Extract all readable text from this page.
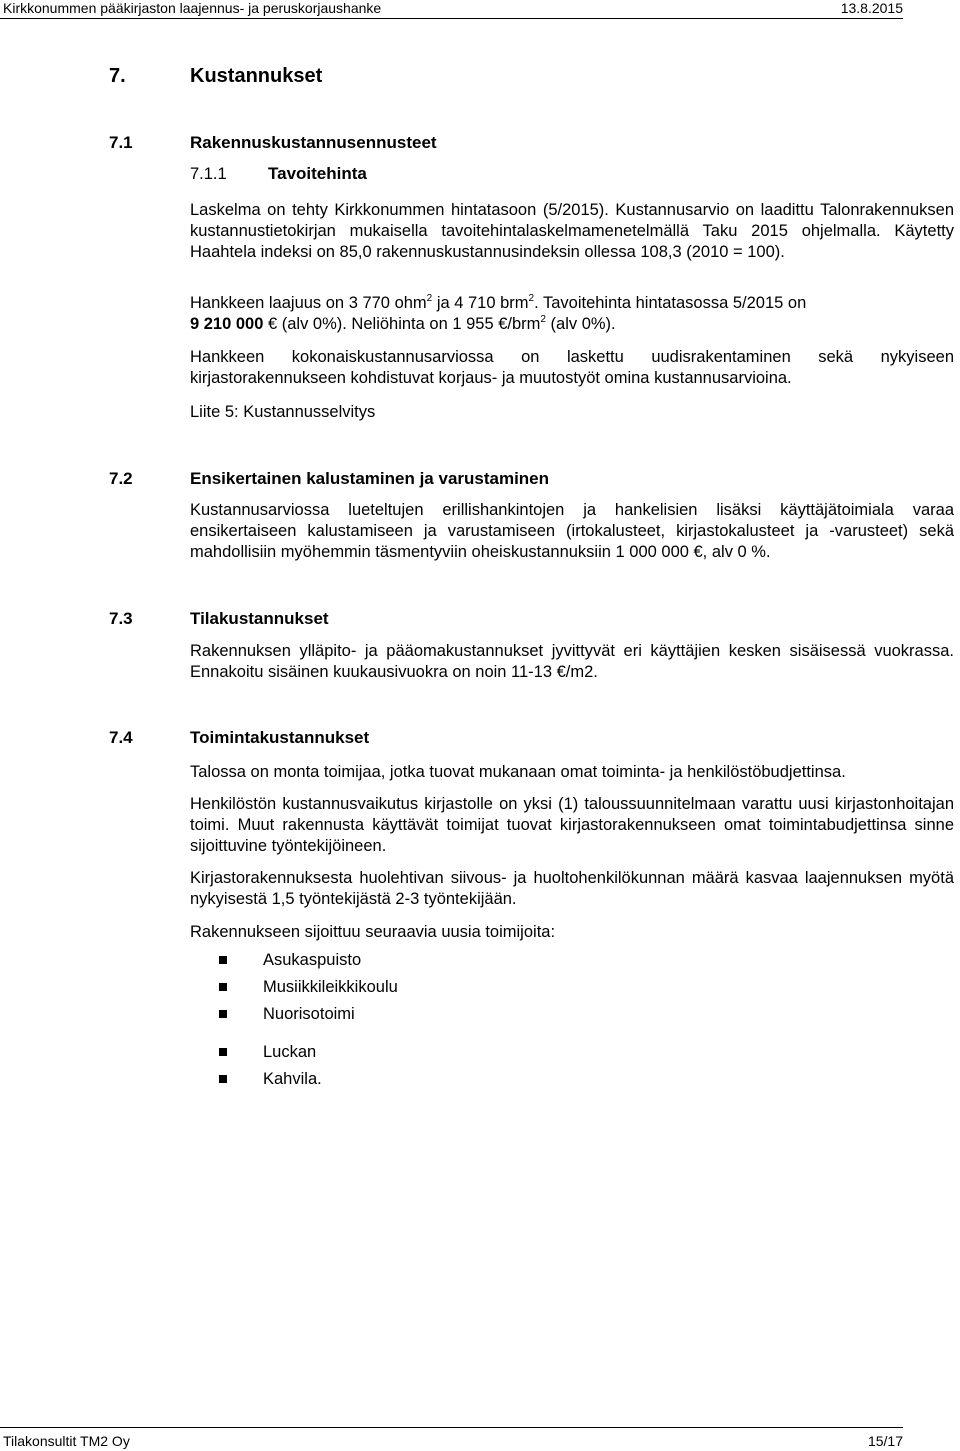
Kirkkonummen pääkirjaston laajennus- ja peruskorjaushanke	13.8.2015
7.	Kustannukset
7.1	Rakennuskustannusennusteet
7.1.1 Tavoitehinta

Laskelma on tehty Kirkkonummen hintatasoon (5/2015). Kustannusarvio on laadittu Talonrakennuksen kustannustietokirjan mukaisella tavoitehintalaskelmamenetelmällä Taku 2015 ohjelmalla. Käytetty Haahtela indeksi on 85,0 rakennuskustannusindeksin ollessa 108,3 (2010 = 100).

Hankkeen laajuus on 3 770 ohm$^2$ ja 4 710 brm$^2$. Tavoitehinta hintatasossa 5/2015 on
9 210 000 € (alv 0%). Neliöhinta on 1 955 €/brm$^2$ (alv 0%).

Hankkeen kokonaiskustannusarviossa on laskettu uudisrakentaminen sekä nykyiseen kirjastorakennukseen kohdistuvat korjaus- ja muutostyöt omina kustannusarvioina.

Liite 5: Kustannusselvitys
7.2	Ensikertainen kalustaminen ja varustaminen

Kustannusarviossa lueteltujen erillishankintojen ja hankelisien lisäksi käyttäjätoimiala varaa ensikertaiseen kalustamiseen ja varustamiseen (irtokalusteet, kirjastokalusteet ja -varusteet) sekä mahdollisiin myöhemmin täsmentyviin oheiskustannuksiin 1 000 000 €, alv 0 %.

7.3	Tilakustannukset

Rakennuksen ylläpito- ja pääomakustannukset jyvittyvät eri käyttäjien kesken sisäisessä vuokrassa. Ennakoitu sisäinen kuukausivuokra on noin 11-13 €/m2.

7.4	Toimintakustannukset

Talossa on monta toimijaa, jotka tuovat mukanaan omat toiminta- ja henkilöstöbudjettinsa.

Henkilöstön kustannusvaikutus kirjastolle on yksi (1) taloussuunnitelmaan varattu uusi kirjastonhoitajan toimi. Muut rakennusta käyttävät toimijat tuovat kirjastorakennukseen omat toimintabudjettinsa sinne sijoittuvine työntekijöineen.

Kirjastorakennuksesta huolehtivan siivous- ja huoltohenkilökunnan määrä kasvaa laajennuksen myötä nykyisestä 1,5 työntekijästä 2-3 työntekijään.

Rakennukseen sijoittuu seuraavia uusia toimijoita:

Asukaspuisto
Musiikkileikkikoulu
Nuorisotoimi
Luckan
Kahvila.
Tilakonsultit TM2 Oy	15/17
